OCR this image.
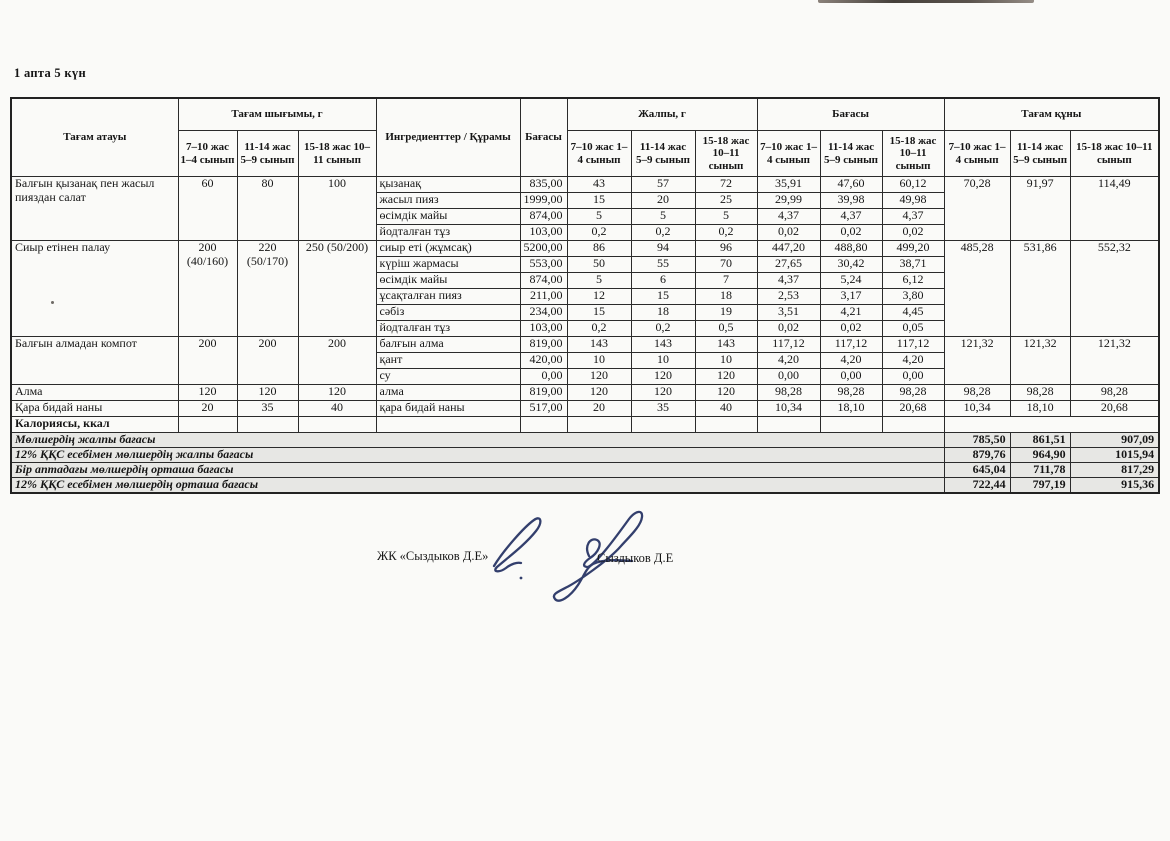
1 апта 5 күн
Тағам атауы	Тағам шығымы, г			Ингредиенттер / Құрамы	Бағасы	Жалпы, г			Бағасы			Тағам құны		
	7–10 жас 1–4 сынып	11-14 жас 5–9 сынып	15-18 жас 10–11 сынып			7–10 жас 1–4 сынып	11-14 жас 5–9 сынып	15-18 жас 10–11 сынып	7–10 жас 1–4 сынып	11-14 жас 5–9 сынып	15-18 жас 10–11 сынып	7–10 жас 1–4 сынып	11-14 жас 5–9 сынып	15-18 жас 10–11 сынып
Балғын қызанақ пен жасыл пияздан салат	60	80	100	қызанақ	835,00	43	57	72	35,91	47,60	60,12	70,28	91,97	114,49
				жасыл пияз	1999,00	15	20	25	29,99	39,98	49,98			
				өсімдік майы	874,00	5	5	5	4,37	4,37	4,37			
				йодталған тұз	103,00	0,2	0,2	0,2	0,02	0,02	0,02			
Сиыр етінен палау	200 (40/160)	220 (50/170)	250 (50/200)	сиыр еті (жұмсақ)	5200,00	86	94	96	447,20	488,80	499,20	485,28	531,86	552,32
				күріш жармасы	553,00	50	55	70	27,65	30,42	38,71			
				өсімдік майы	874,00	5	6	7	4,37	5,24	6,12			
				ұсақталған пияз	211,00	12	15	18	2,53	3,17	3,80			
				сәбіз	234,00	15	18	19	3,51	4,21	4,45			
				йодталған тұз	103,00	0,2	0,2	0,5	0,02	0,02	0,05			
Балғын алмадан компот	200	200	200	балғын алма	819,00	143	143	143	117,12	117,12	117,12	121,32	121,32	121,32
				қант	420,00	10	10	10	4,20	4,20	4,20			
				су	0,00	120	120	120	0,00	0,00	0,00			
Алма	120	120	120	алма	819,00	120	120	120	98,28	98,28	98,28	98,28	98,28	98,28
Қара бидай наны	20	35	40	қара бидай наны	517,00	20	35	40	10,34	18,10	20,68	10,34	18,10	20,68
Калориясы, ккал														
Мөлшердің жалпы бағасы												785,50	861,51	907,09
12% ҚҚС есебімен мөлшердің жалпы бағасы												879,76	964,90	1015,94
Бір аптадағы мөлшердің орташа бағасы												645,04	711,78	817,29
12% ҚҚС есебімен мөлшердің орташа бағасы												722,44	797,19	915,36
ЖК «Сыздыков Д.Е»	Сыздыков Д.Е
